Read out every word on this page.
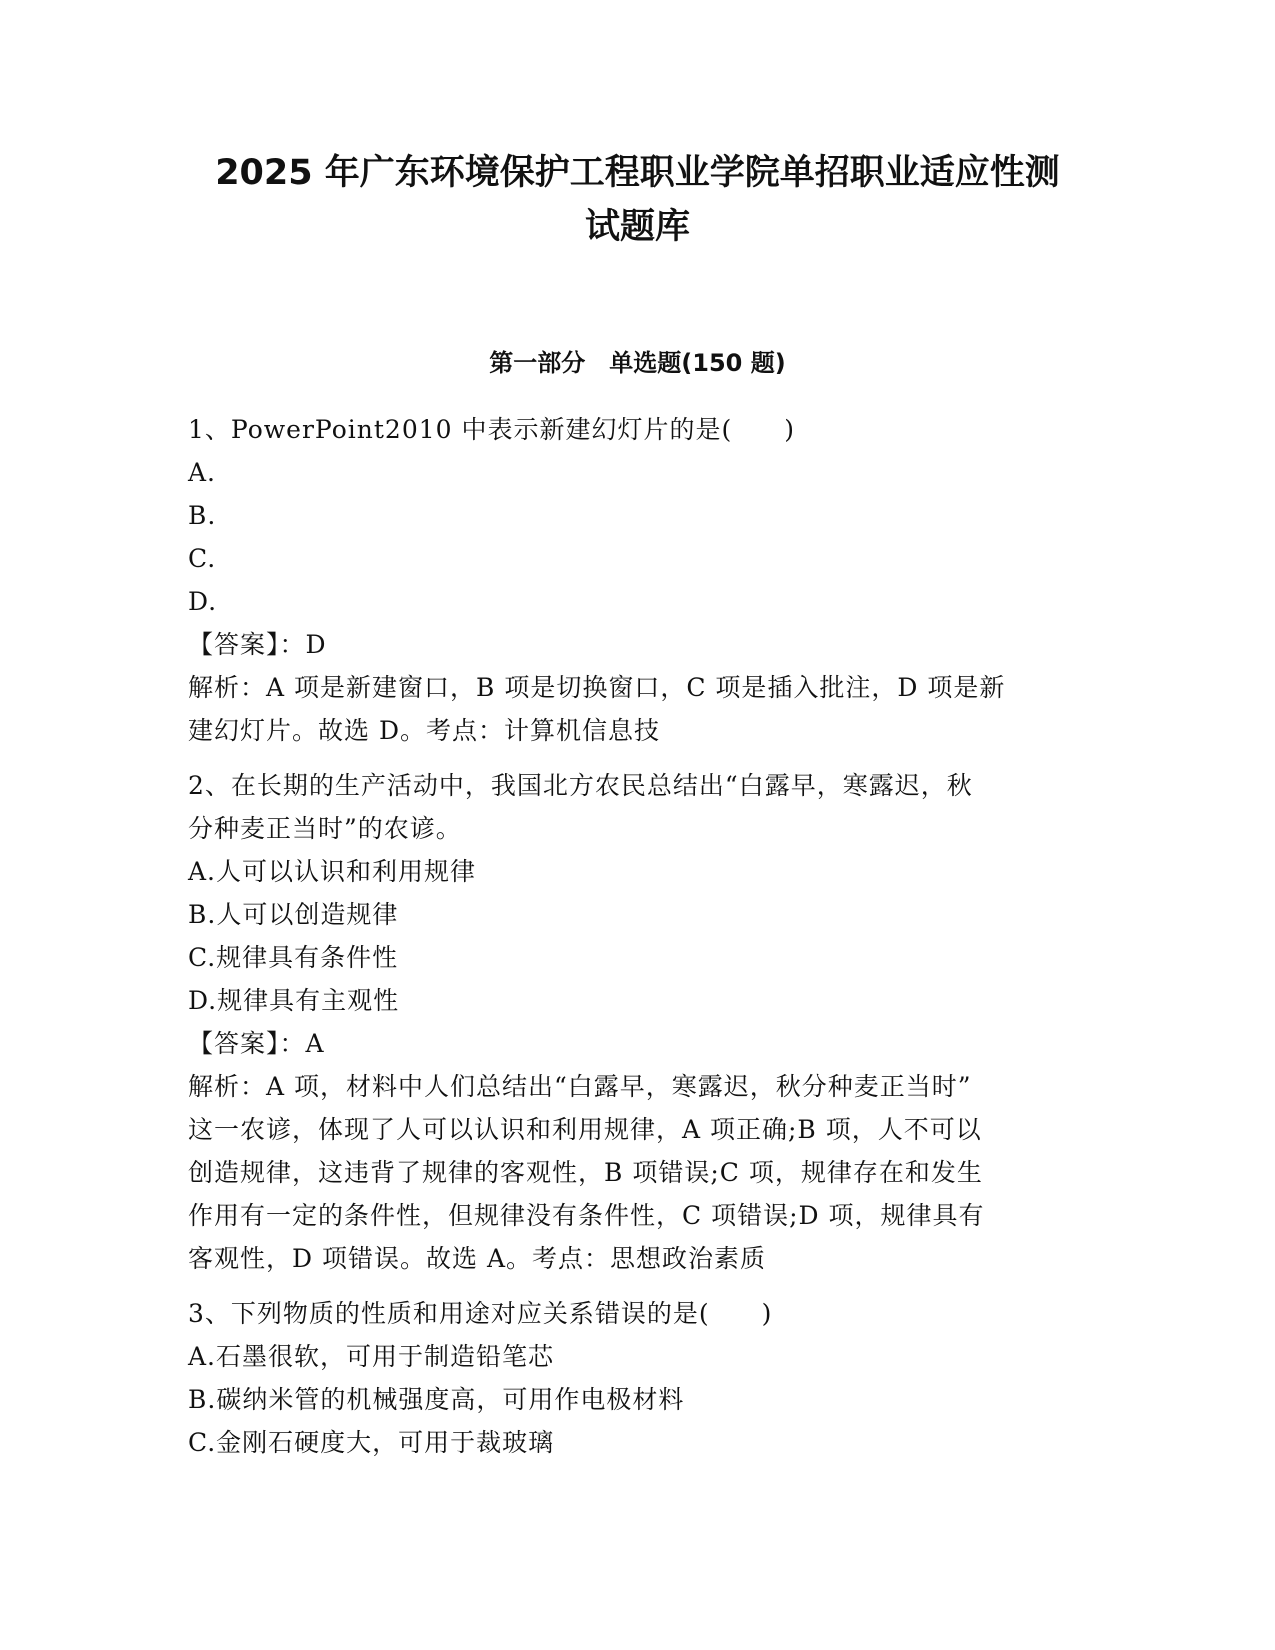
2025 年广东环境保护工程职业学院单招职业适应性测
试题库
第一部分　单选题(150 题)
1、PowerPoint2010 中表示新建幻灯片的是(　　)
A.
B.
C.
D.
【答案】：D
解析：A 项是新建窗口，B 项是切换窗口，C 项是插入批注，D 项是新
建幻灯片。故选 D。考点：计算机信息技
2、在长期的生产活动中，我国北方农民总结出“白露早，寒露迟，秋
分种麦正当时”的农谚。
A.人可以认识和利用规律
B.人可以创造规律
C.规律具有条件性
D.规律具有主观性
【答案】：A
解析：A 项，材料中人们总结出“白露早，寒露迟，秋分种麦正当时”
这一农谚，体现了人可以认识和利用规律，A 项正确;B 项，人不可以
创造规律，这违背了规律的客观性，B 项错误;C 项，规律存在和发生
作用有一定的条件性，但规律没有条件性，C 项错误;D 项，规律具有
客观性，D 项错误。故选 A。考点：思想政治素质
3、下列物质的性质和用途对应关系错误的是(　　)
A.石墨很软，可用于制造铅笔芯
B.碳纳米管的机械强度高，可用作电极材料
C.金刚石硬度大，可用于裁玻璃
